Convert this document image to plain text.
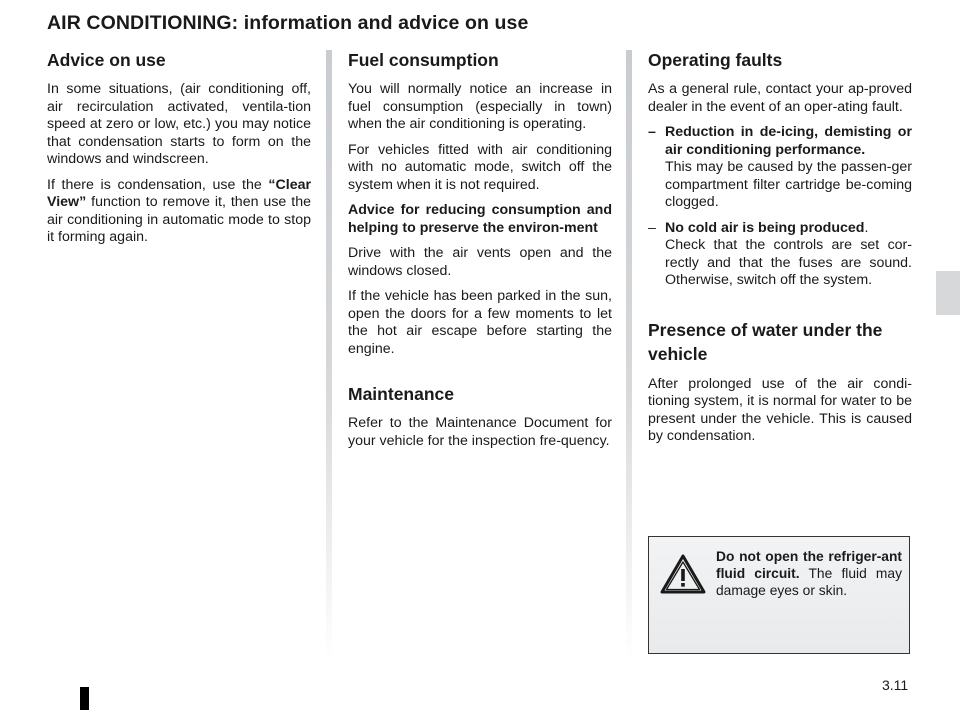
AIR CONDITIONING: information and advice on use
Advice on use

In some situations, (air conditioning off, air recirculation activated, ventila-tion speed at zero or low, etc.) you may notice that condensation starts to form on the windows and windscreen.

If there is condensation, use the “Clear View” function to remove it, then use the air conditioning in automatic mode to stop it forming again.

Fuel consumption

You will normally notice an increase in fuel consumption (especially in town) when the air conditioning is operating.

For vehicles fitted with air conditioning with no automatic mode, switch off the system when it is not required.

Advice for reducing consumption and helping to preserve the environ-ment

Drive with the air vents open and the windows closed.

If the vehicle has been parked in the sun, open the doors for a few moments to let the hot air escape before starting the engine.

Maintenance

Refer to the Maintenance Document for your vehicle for the inspection fre-quency.

Operating faults

As a general rule, contact your ap-proved dealer in the event of an oper-ating fault.

– Reduction in de-icing, demisting or air conditioning performance.
This may be caused by the passen-ger compartment filter cartridge be-coming clogged.
– No cold air is being produced.
Check that the controls are set cor-rectly and that the fuses are sound. Otherwise, switch off the system.
Presence of water under the vehicle

After prolonged use of the air condi-tioning system, it is normal for water to be present under the vehicle. This is caused by condensation.

Do not open the refriger-ant fluid circuit. The fluid may damage eyes or skin.
3.11
